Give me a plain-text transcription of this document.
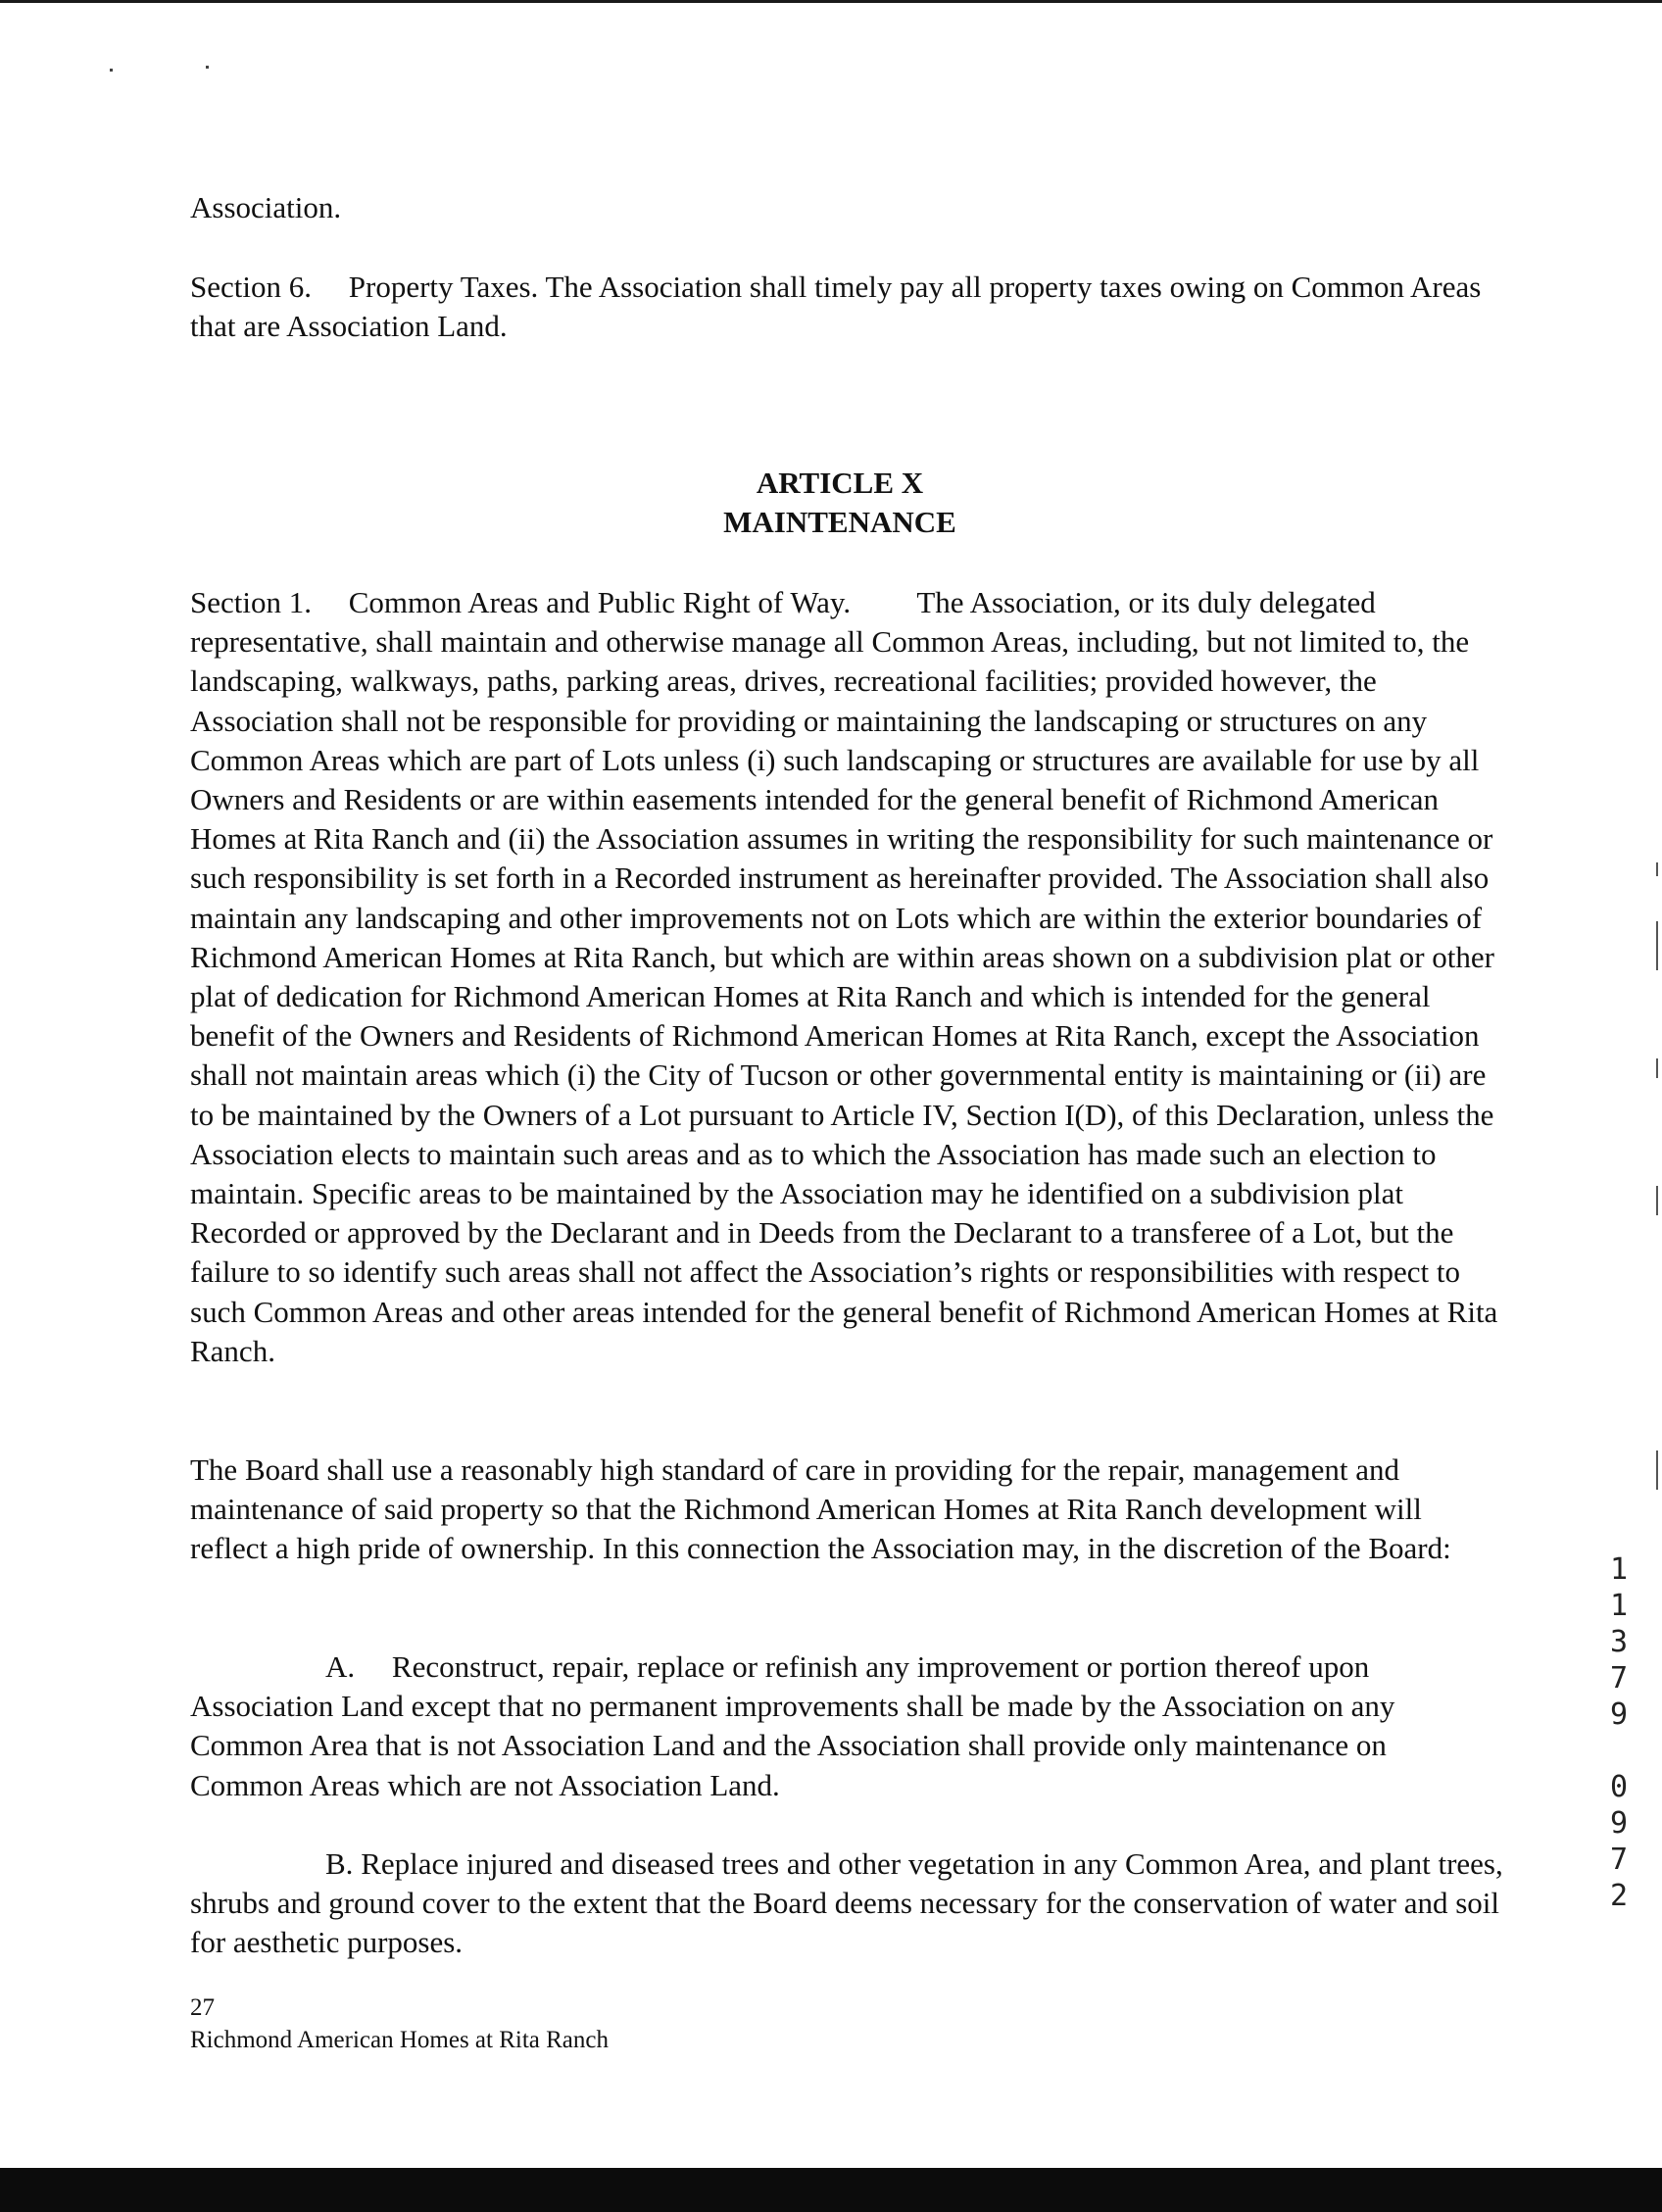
Association.
Section 6. Property Taxes. The Association shall timely pay all property taxes owing on Common Areas that are Association Land.
ARTICLE X
MAINTENANCE
Section 1. Common Areas and Public Right of Way. The Association, or its duly delegated representative, shall maintain and otherwise manage all Common Areas, including, but not limited to, the landscaping, walkways, paths, parking areas, drives, recreational facilities; provided however, the Association shall not be responsible for providing or maintaining the landscaping or structures on any Common Areas which are part of Lots unless (i) such landscaping or structures are available for use by all Owners and Residents or are within easements intended for the general benefit of Richmond American Homes at Rita Ranch and (ii) the Association assumes in writing the responsibility for such maintenance or such responsibility is set forth in a Recorded instrument as hereinafter provided. The Association shall also maintain any landscaping and other improvements not on Lots which are within the exterior boundaries of Richmond American Homes at Rita Ranch, but which are within areas shown on a subdivision plat or other plat of dedication for Richmond American Homes at Rita Ranch and which is intended for the general benefit of the Owners and Residents of Richmond American Homes at Rita Ranch, except the Association shall not maintain areas which (i) the City of Tucson or other governmental entity is maintaining or (ii) are to be maintained by the Owners of a Lot pursuant to Article IV, Section I(D), of this Declaration, unless the Association elects to maintain such areas and as to which the Association has made such an election to maintain. Specific areas to be maintained by the Association may he identified on a subdivision plat Recorded or approved by the Declarant and in Deeds from the Declarant to a transferee of a Lot, but the failure to so identify such areas shall not affect the Association’s rights or responsibilities with respect to such Common Areas and other areas intended for the general benefit of Richmond American Homes at Rita Ranch.
The Board shall use a reasonably high standard of care in providing for the repair, management and maintenance of said property so that the Richmond American Homes at Rita Ranch development will reflect a high pride of ownership. In this connection the Association may, in the discretion of the Board:
A. Reconstruct, repair, replace or refinish any improvement or portion thereof upon Association Land except that no permanent improvements shall be made by the Association on any Common Area that is not Association Land and the Association shall provide only maintenance on Common Areas which are not Association Land.
B. Replace injured and diseased trees and other vegetation in any Common Area, and plant trees, shrubs and ground cover to the extent that the Board deems necessary for the conservation of water and soil for aesthetic purposes.
27
Richmond American Homes at Rita Ranch
1
1
3
7
9

0
9
7
2
